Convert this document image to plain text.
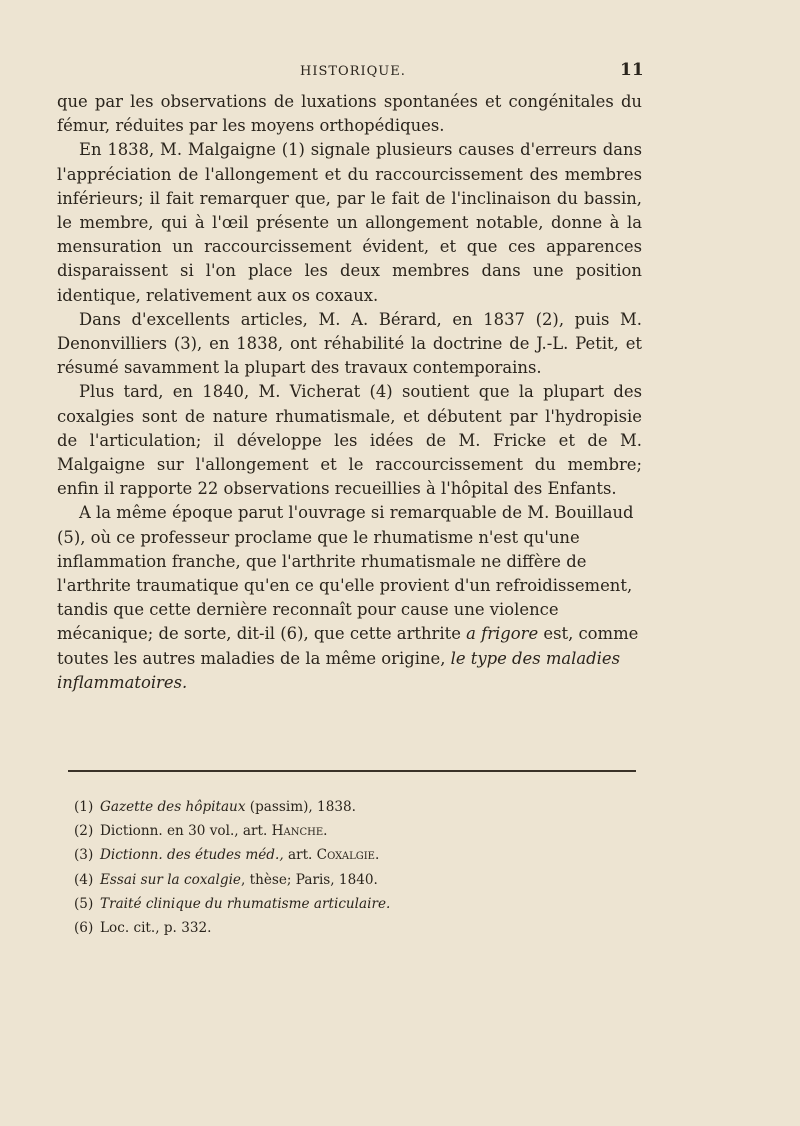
HISTORIQUE.	11

que par les observations de luxations spontanées et congénitales du fémur, réduites par les moyens orthopédiques.

En 1838, M. Malgaigne (1) signale plusieurs causes d'erreurs dans l'appréciation de l'allongement et du raccourcissement des membres inférieurs; il fait remarquer que, par le fait de l'inclinaison du bassin, le membre, qui à l'œil présente un allongement notable, donne à la mensuration un raccourcissement évident, et que ces apparences disparaissent si l'on place les deux membres dans une position identique, relativement aux os coxaux.

Dans d'excellents articles, M. A. Bérard, en 1837 (2), puis M. Denonvilliers (3), en 1838, ont réhabilité la doctrine de J.-L. Petit, et résumé savamment la plupart des travaux contemporains.

Plus tard, en 1840, M. Vicherat (4) soutient que la plupart des coxalgies sont de nature rhumatismale, et débutent par l'hydropisie de l'articulation; il développe les idées de M. Fricke et de M. Malgaigne sur l'allongement et le raccourcissement du membre; enfin il rapporte 22 observations recueillies à l'hôpital des Enfants.

A la même époque parut l'ouvrage si remarquable de M. Bouillaud (5), où ce professeur proclame que le rhumatisme n'est qu'une inflammation franche, que l'arthrite rhumatismale ne diffère de l'arthrite traumatique qu'en ce qu'elle provient d'un refroidissement, tandis que cette dernière reconnaît pour cause une violence mécanique; de sorte, dit-il (6), que cette arthrite a frigore est, comme toutes les autres maladies de la même origine, le type des maladies inflammatoires.

(1) Gazette des hôpitaux (passim), 1838.
(2) Dictionn. en 30 vol., art. Hanche.
(3) Dictionn. des études méd., art. Coxalgie.
(4) Essai sur la coxalgie, thèse; Paris, 1840.
(5) Traité clinique du rhumatisme articulaire.
(6) Loc. cit., p. 332.
